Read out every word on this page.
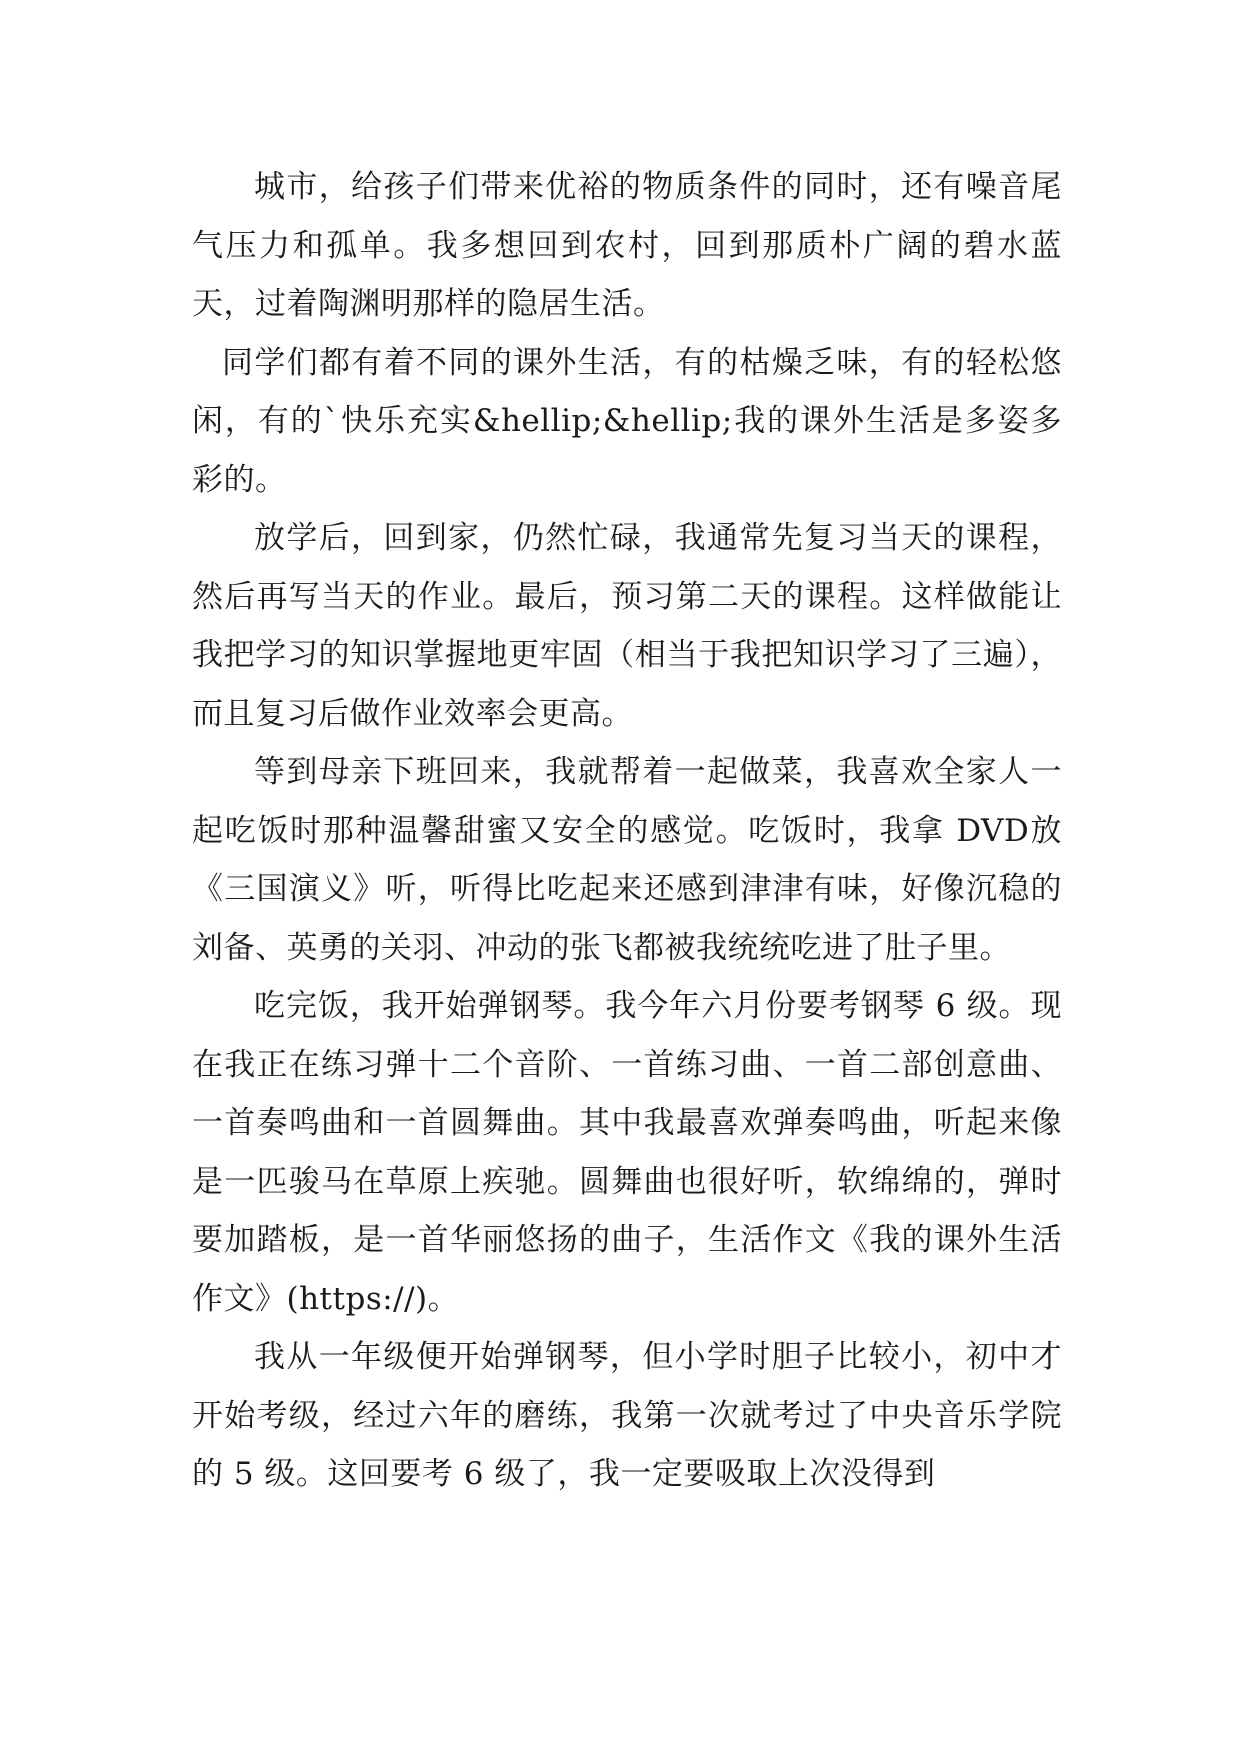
城市，给孩子们带来优裕的物质条件的同时，还有噪音尾气压力和孤单。我多想回到农村，回到那质朴广阔的碧水蓝天，过着陶渊明那样的隐居生活。

同学们都有着不同的课外生活，有的枯燥乏味，有的轻松悠闲，有的`快乐充实&hellip;&hellip;我的课外生活是多姿多彩的。

放学后，回到家，仍然忙碌，我通常先复习当天的课程，然后再写当天的作业。最后，预习第二天的课程。这样做能让我把学习的知识掌握地更牢固（相当于我把知识学习了三遍），而且复习后做作业效率会更高。

等到母亲下班回来，我就帮着一起做菜，我喜欢全家人一起吃饭时那种温馨甜蜜又安全的感觉。吃饭时，我拿 DVD放《三国演义》听，听得比吃起来还感到津津有味，好像沉稳的刘备、英勇的关羽、冲动的张飞都被我统统吃进了肚子里。

吃完饭，我开始弹钢琴。我今年六月份要考钢琴 6 级。现在我正在练习弹十二个音阶、一首练习曲、一首二部创意曲、一首奏鸣曲和一首圆舞曲。其中我最喜欢弹奏鸣曲，听起来像是一匹骏马在草原上疾驰。圆舞曲也很好听，软绵绵的，弹时要加踏板，是一首华丽悠扬的曲子，生活作文《我的课外生活作文》(https://)。

我从一年级便开始弹钢琴，但小学时胆子比较小，初中才开始考级，经过六年的磨练，我第一次就考过了中央音乐学院的 5 级。这回要考 6 级了，我一定要吸取上次没得到
